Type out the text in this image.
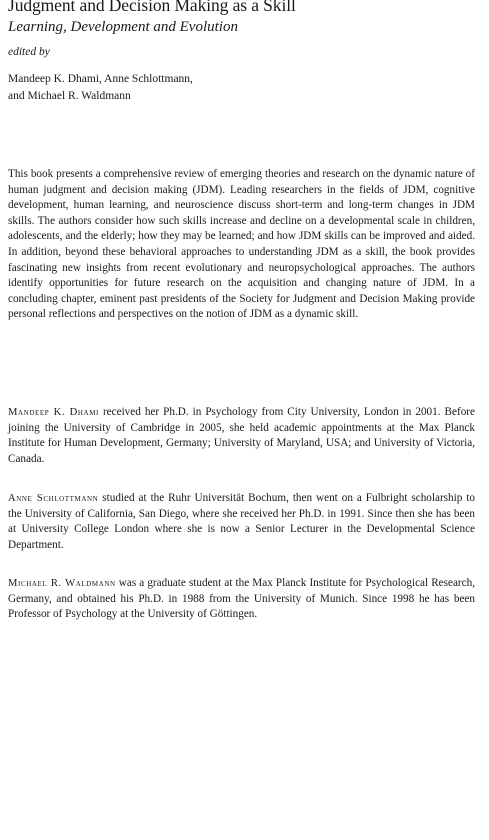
Judgment and Decision Making as a Skill
Learning, Development and Evolution
edited by
Mandeep K. Dhami, Anne Schlottmann,
and Michael R. Waldmann

This book presents a comprehensive review of emerging theories and research on the dynamic nature of human judgment and decision making (JDM). Leading researchers in the fields of JDM, cognitive development, human learning, and neuroscience discuss short-term and long-term changes in JDM skills. The authors consider how such skills increase and decline on a developmental scale in children, adolescents, and the elderly; how they may be learned; and how JDM skills can be improved and aided. In addition, beyond these behavioral approaches to understanding JDM as a skill, the book provides fascinating new insights from recent evolutionary and neuropsychological approaches. The authors identify opportunities for future research on the acquisition and changing nature of JDM. In a concluding chapter, eminent past presidents of the Society for Judgment and Decision Making provide personal reflections and perspectives on the notion of JDM as a dynamic skill.

Mandeep K. Dhami received her Ph.D. in Psychology from City University, London in 2001. Before joining the University of Cambridge in 2005, she held academic appointments at the Max Planck Institute for Human Development, Germany; University of Maryland, USA; and University of Victoria, Canada.

Anne Schlottmann studied at the Ruhr Universität Bochum, then went on a Fulbright scholarship to the University of California, San Diego, where she received her Ph.D. in 1991. Since then she has been at University College London where she is now a Senior Lecturer in the Developmental Science Department.

Michael R. Waldmann was a graduate student at the Max Planck Institute for Psychological Research, Germany, and obtained his Ph.D. in 1988 from the University of Munich. Since 1998 he has been Professor of Psychology at the University of Göttingen.
